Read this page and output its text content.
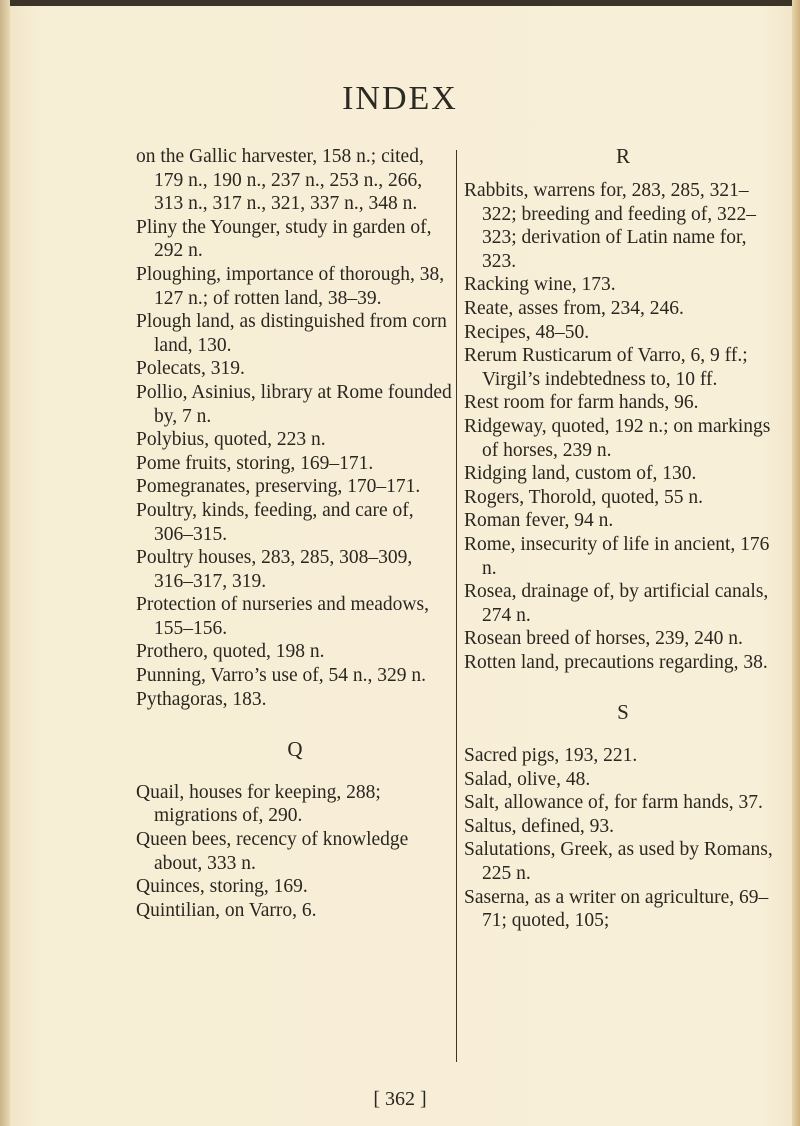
INDEX

on the Gallic harvester, 158 n.; cited, 179 n., 190 n., 237 n., 253 n., 266, 313 n., 317 n., 321, 337 n., 348 n.

Pliny the Younger, study in garden of, 292 n.

Ploughing, importance of thorough, 38, 127 n.; of rotten land, 38–39.

Plough land, as distinguished from corn land, 130.

Polecats, 319.

Pollio, Asinius, library at Rome founded by, 7 n.

Polybius, quoted, 223 n.

Pome fruits, storing, 169–171.

Pomegranates, preserving, 170–171.

Poultry, kinds, feeding, and care of, 306–315.

Poultry houses, 283, 285, 308–309, 316–317, 319.

Protection of nurseries and meadows, 155–156.

Prothero, quoted, 198 n.

Punning, Varro’s use of, 54 n., 329 n.

Pythagoras, 183.

Q

Quail, houses for keeping, 288; migrations of, 290.

Queen bees, recency of knowledge about, 333 n.

Quinces, storing, 169.

Quintilian, on Varro, 6.

R

Rabbits, warrens for, 283, 285, 321–322; breeding and feeding of, 322–323; derivation of Latin name for, 323.

Racking wine, 173.

Reate, asses from, 234, 246.

Recipes, 48–50.

Rerum Rusticarum of Varro, 6, 9 ff.; Virgil’s indebtedness to, 10 ff.

Rest room for farm hands, 96.

Ridgeway, quoted, 192 n.; on markings of horses, 239 n.

Ridging land, custom of, 130.

Rogers, Thorold, quoted, 55 n.

Roman fever, 94 n.

Rome, insecurity of life in ancient, 176 n.

Rosea, drainage of, by artificial canals, 274 n.

Rosean breed of horses, 239, 240 n.

Rotten land, precautions regarding, 38.

S

Sacred pigs, 193, 221.

Salad, olive, 48.

Salt, allowance of, for farm hands, 37.

Saltus, defined, 93.

Salutations, Greek, as used by Romans, 225 n.

Saserna, as a writer on agriculture, 69–71; quoted, 105;

[ 362 ]
